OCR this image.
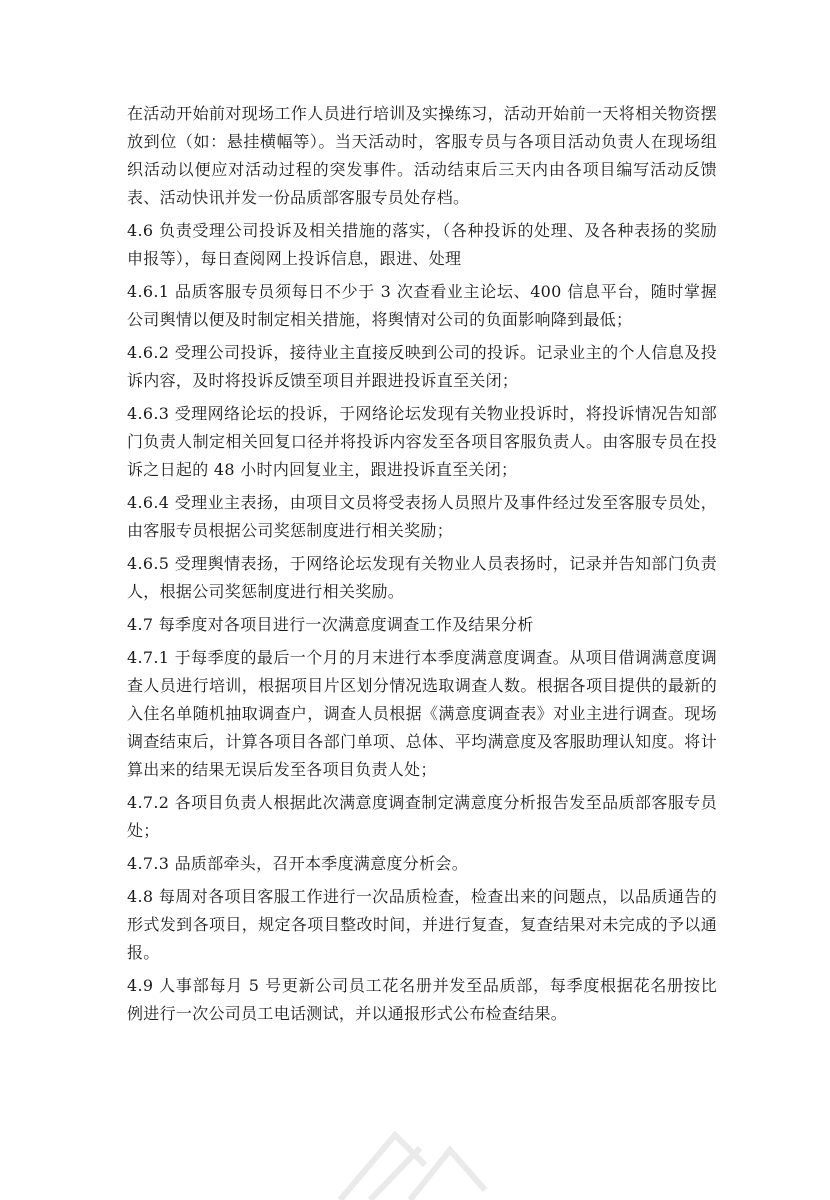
在活动开始前对现场工作人员进行培训及实操练习，活动开始前一天将相关物资摆放到位（如：悬挂横幅等）。当天活动时，客服专员与各项目活动负责人在现场组织活动以便应对活动过程的突发事件。活动结束后三天内由各项目编写活动反馈表、活动快讯并发一份品质部客服专员处存档。

4.6 负责受理公司投诉及相关措施的落实，（各种投诉的处理、及各种表扬的奖励申报等），每日查阅网上投诉信息，跟进、处理

4.6.1 品质客服专员须每日不少于 3 次查看业主论坛、400 信息平台，随时掌握公司舆情以便及时制定相关措施，将舆情对公司的负面影响降到最低；

4.6.2 受理公司投诉，接待业主直接反映到公司的投诉。记录业主的个人信息及投诉内容，及时将投诉反馈至项目并跟进投诉直至关闭；

4.6.3 受理网络论坛的投诉，于网络论坛发现有关物业投诉时，将投诉情况告知部门负责人制定相关回复口径并将投诉内容发至各项目客服负责人。由客服专员在投诉之日起的 48 小时内回复业主，跟进投诉直至关闭；

4.6.4 受理业主表扬，由项目文员将受表扬人员照片及事件经过发至客服专员处，由客服专员根据公司奖惩制度进行相关奖励；

4.6.5 受理舆情表扬，于网络论坛发现有关物业人员表扬时，记录并告知部门负责人，根据公司奖惩制度进行相关奖励。

4.7 每季度对各项目进行一次满意度调查工作及结果分析

4.7.1 于每季度的最后一个月的月末进行本季度满意度调查。从项目借调满意度调查人员进行培训，根据项目片区划分情况选取调查人数。根据各项目提供的最新的入住名单随机抽取调查户，调查人员根据《满意度调查表》对业主进行调查。现场调查结束后，计算各项目各部门单项、总体、平均满意度及客服助理认知度。将计算出来的结果无误后发至各项目负责人处；

4.7.2 各项目负责人根据此次满意度调查制定满意度分析报告发至品质部客服专员处；

4.7.3 品质部牵头，召开本季度满意度分析会。

4.8 每周对各项目客服工作进行一次品质检查，检查出来的问题点，以品质通告的形式发到各项目，规定各项目整改时间，并进行复查，复查结果对未完成的予以通报。

4.9 人事部每月 5 号更新公司员工花名册并发至品质部，每季度根据花名册按比例进行一次公司员工电话测试，并以通报形式公布检查结果。
